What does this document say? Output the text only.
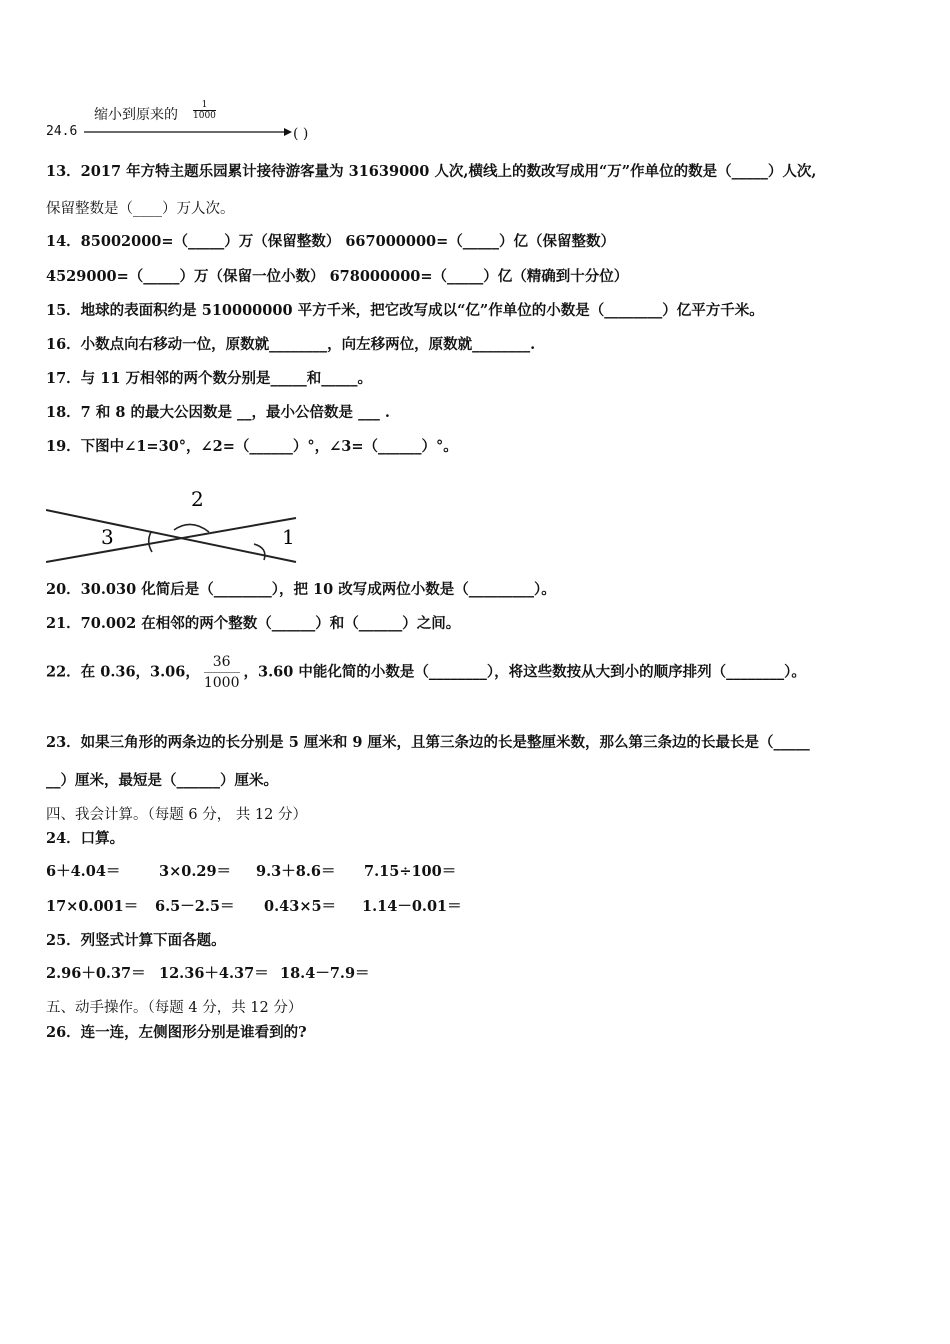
缩小到原来的 $\frac{1}{1000}$
24.6	( )
13．2017 年方特主题乐园累计接待游客量为 31639000 人次,横线上的数改写成用“万”作单位的数是（_____）人次,
保留整数是（____）万人次。
14．85002000=（_____）万（保留整数） 667000000=（_____）亿（保留整数）
4529000=（_____）万（保留一位小数） 678000000=（_____）亿（精确到十分位）
15．地球的表面积约是 510000000 平方千米，把它改写成以“亿”作单位的小数是（________）亿平方千米。
16．小数点向右移动一位，原数就________，向左移两位，原数就________.
17．与 11 万相邻的两个数分别是_____和_____。
18．7 和 8 的最大公因数是 __，最小公倍数是 ___ .
19．下图中∠1=30°，∠2=（______）°，∠3=（______）°。
3
2
1
20．30.030 化简后是（________），把 10 改写成两位小数是（_________）。
21．70.002 在相邻的两个整数（______）和（______）之间。
22．在 0.36，3.06， $\frac{36}{1000}$ ，3.60 中能化简的小数是（________），将这些数按从大到小的顺序排列（________）。
23．如果三角形的两条边的长分别是 5 厘米和 9 厘米，且第三条边的长是整厘米数，那么第三条边的长最长是（_____
__）厘米，最短是（______）厘米。
四、我会计算。（每题 6 分， 共 12 分）
24．口算。
6＋4.04＝	3×0.29＝ 9.3＋8.6＝ 7.15÷100＝
17×0.001＝ 6.5－2.5＝ 0.43×5＝ 1.14－0.01＝
25．列竖式计算下面各题。
2.96＋0.37＝ 12.36＋4.37＝ 18.4－7.9＝
五、动手操作。（每题 4 分，共 12 分）
26．连一连，左侧图形分别是谁看到的?
